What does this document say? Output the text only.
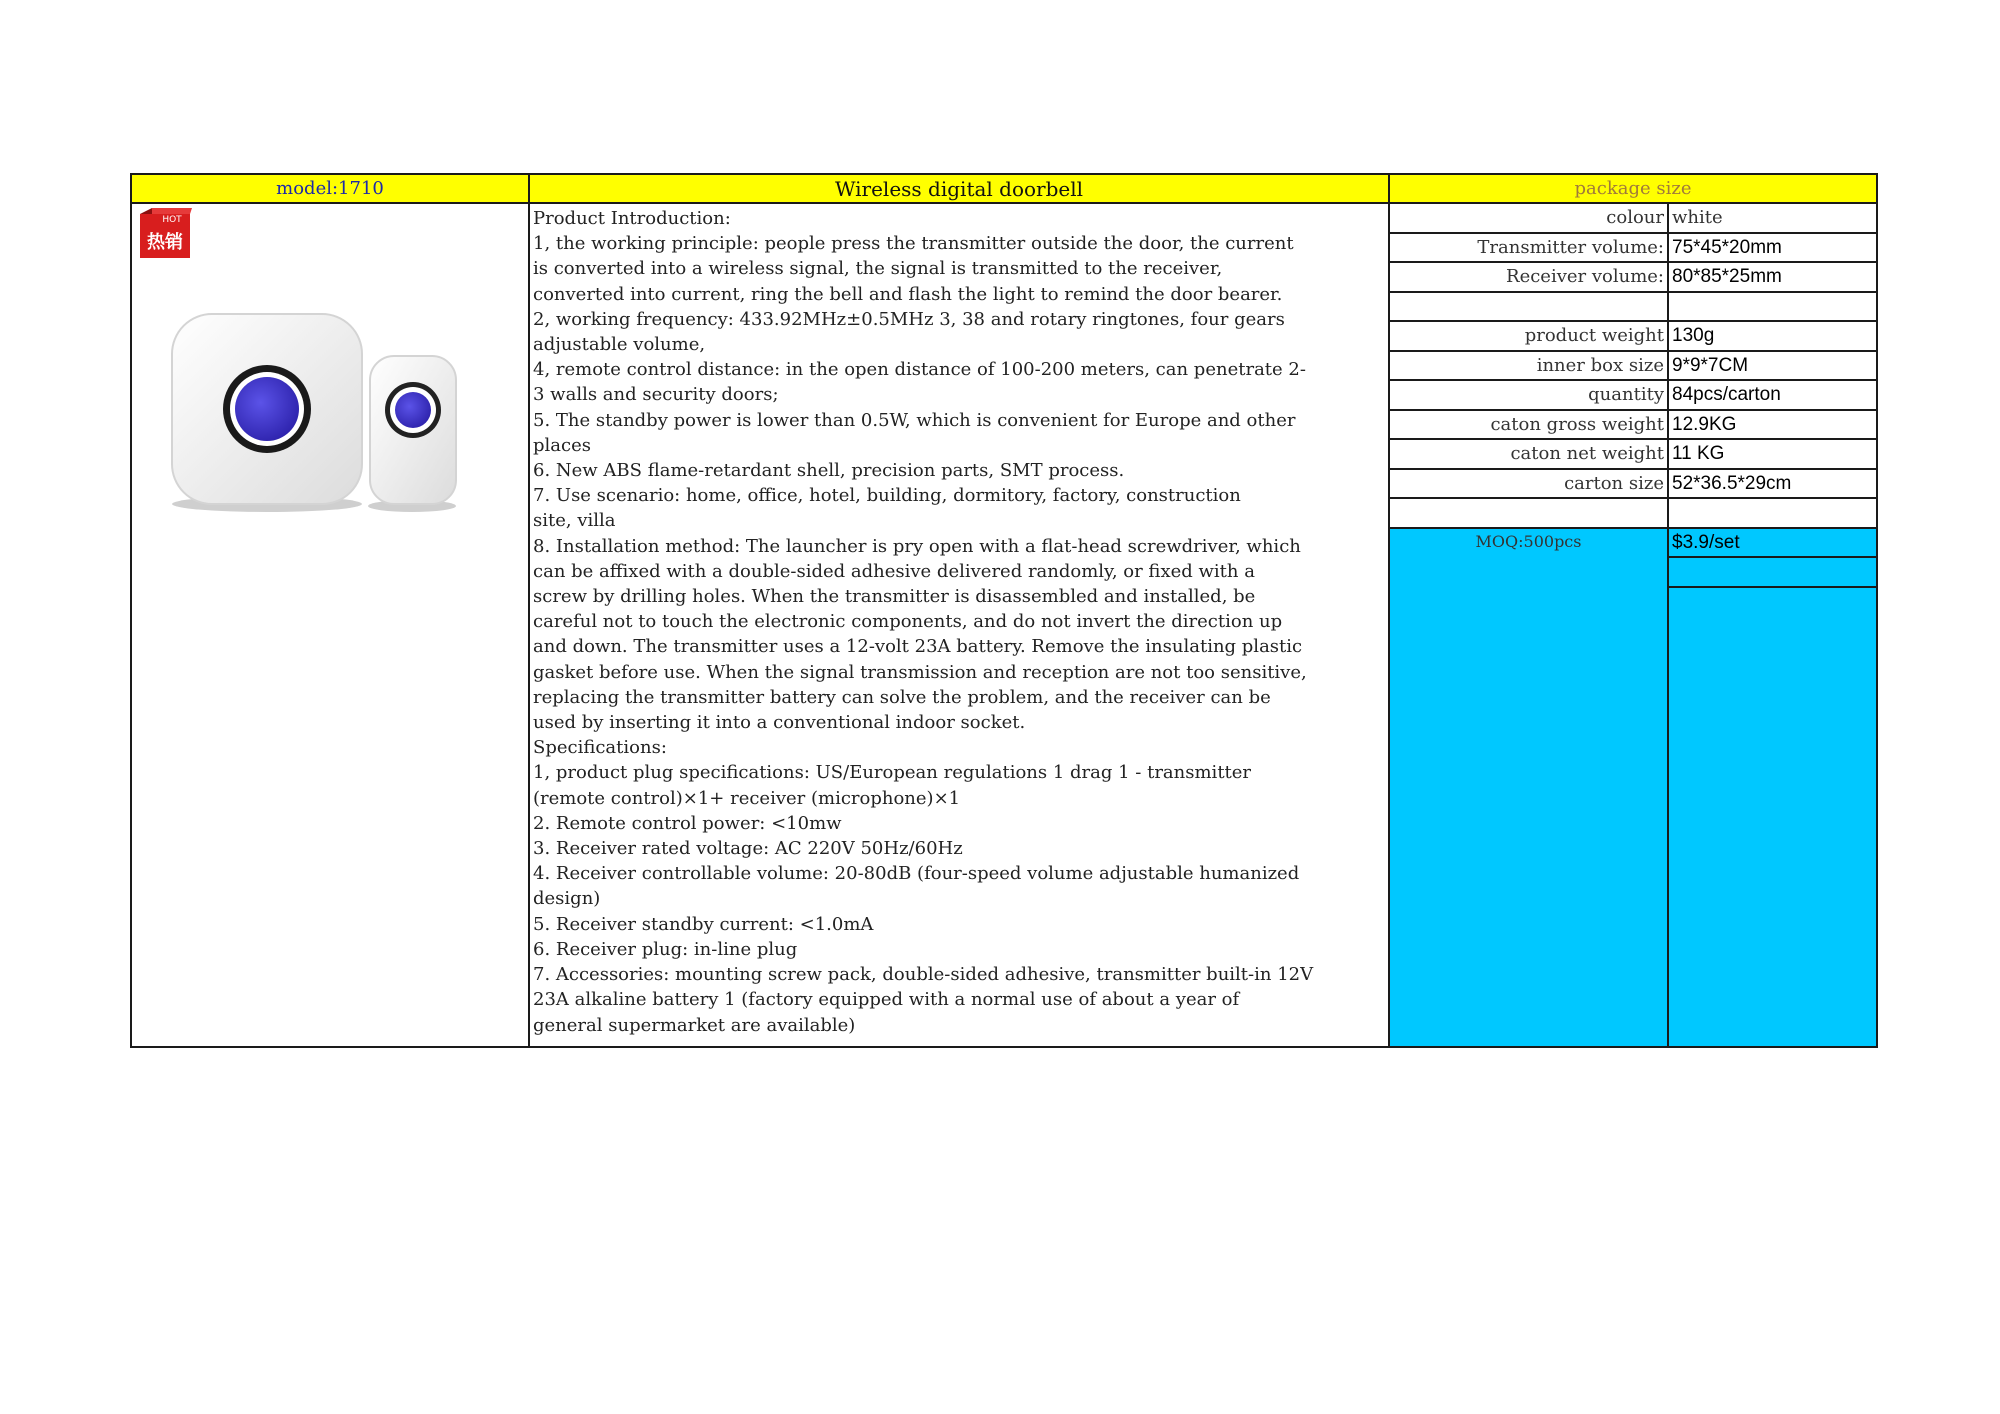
model:1710	Wireless digital doorbell	package size

HOT
热销

Product Introduction:
1, the working principle: people press the transmitter outside the door, the current
is converted into a wireless signal, the signal is transmitted to the receiver,
converted into current, ring the bell and flash the light to remind the door bearer.
2, working frequency: 433.92MHz±0.5MHz 3, 38 and rotary ringtones, four gears
adjustable volume,
4, remote control distance: in the open distance of 100-200 meters, can penetrate 2-
3 walls and security doors;
5. The standby power is lower than 0.5W, which is convenient for Europe and other
places
6. New ABS flame-retardant shell, precision parts, SMT process.
7. Use scenario: home, office, hotel, building, dormitory, factory, construction
site, villa
8. Installation method: The launcher is pry open with a flat-head screwdriver, which
can be affixed with a double-sided adhesive delivered randomly, or fixed with a
screw by drilling holes. When the transmitter is disassembled and installed, be
careful not to touch the electronic components, and do not invert the direction up
and down. The transmitter uses a 12-volt 23A battery. Remove the insulating plastic
gasket before use. When the signal transmission and reception are not too sensitive,
replacing the transmitter battery can solve the problem, and the receiver can be
used by inserting it into a conventional indoor socket.
Specifications:
1, product plug specifications: US/European regulations 1 drag 1 - transmitter
(remote control)×1+ receiver (microphone)×1
2. Remote control power: <10mw
3. Receiver rated voltage: AC 220V 50Hz/60Hz
4. Receiver controllable volume: 20-80dB (four-speed volume adjustable humanized
design)
5. Receiver standby current: <1.0mA
6. Receiver plug: in-line plug
7. Accessories: mounting screw pack, double-sided adhesive, transmitter built-in 12V
23A alkaline battery 1 (factory equipped with a normal use of about a year of
general supermarket are available)

colour	white
Transmitter volume:	75*45*20mm
Receiver volume:	80*85*25mm

product weight	130g
inner box size	9*9*7CM
quantity	84pcs/carton
caton gross weight	12.9KG
caton net weight	11 KG
carton size	52*36.5*29cm

MOQ:500pcs	$3.9/set
